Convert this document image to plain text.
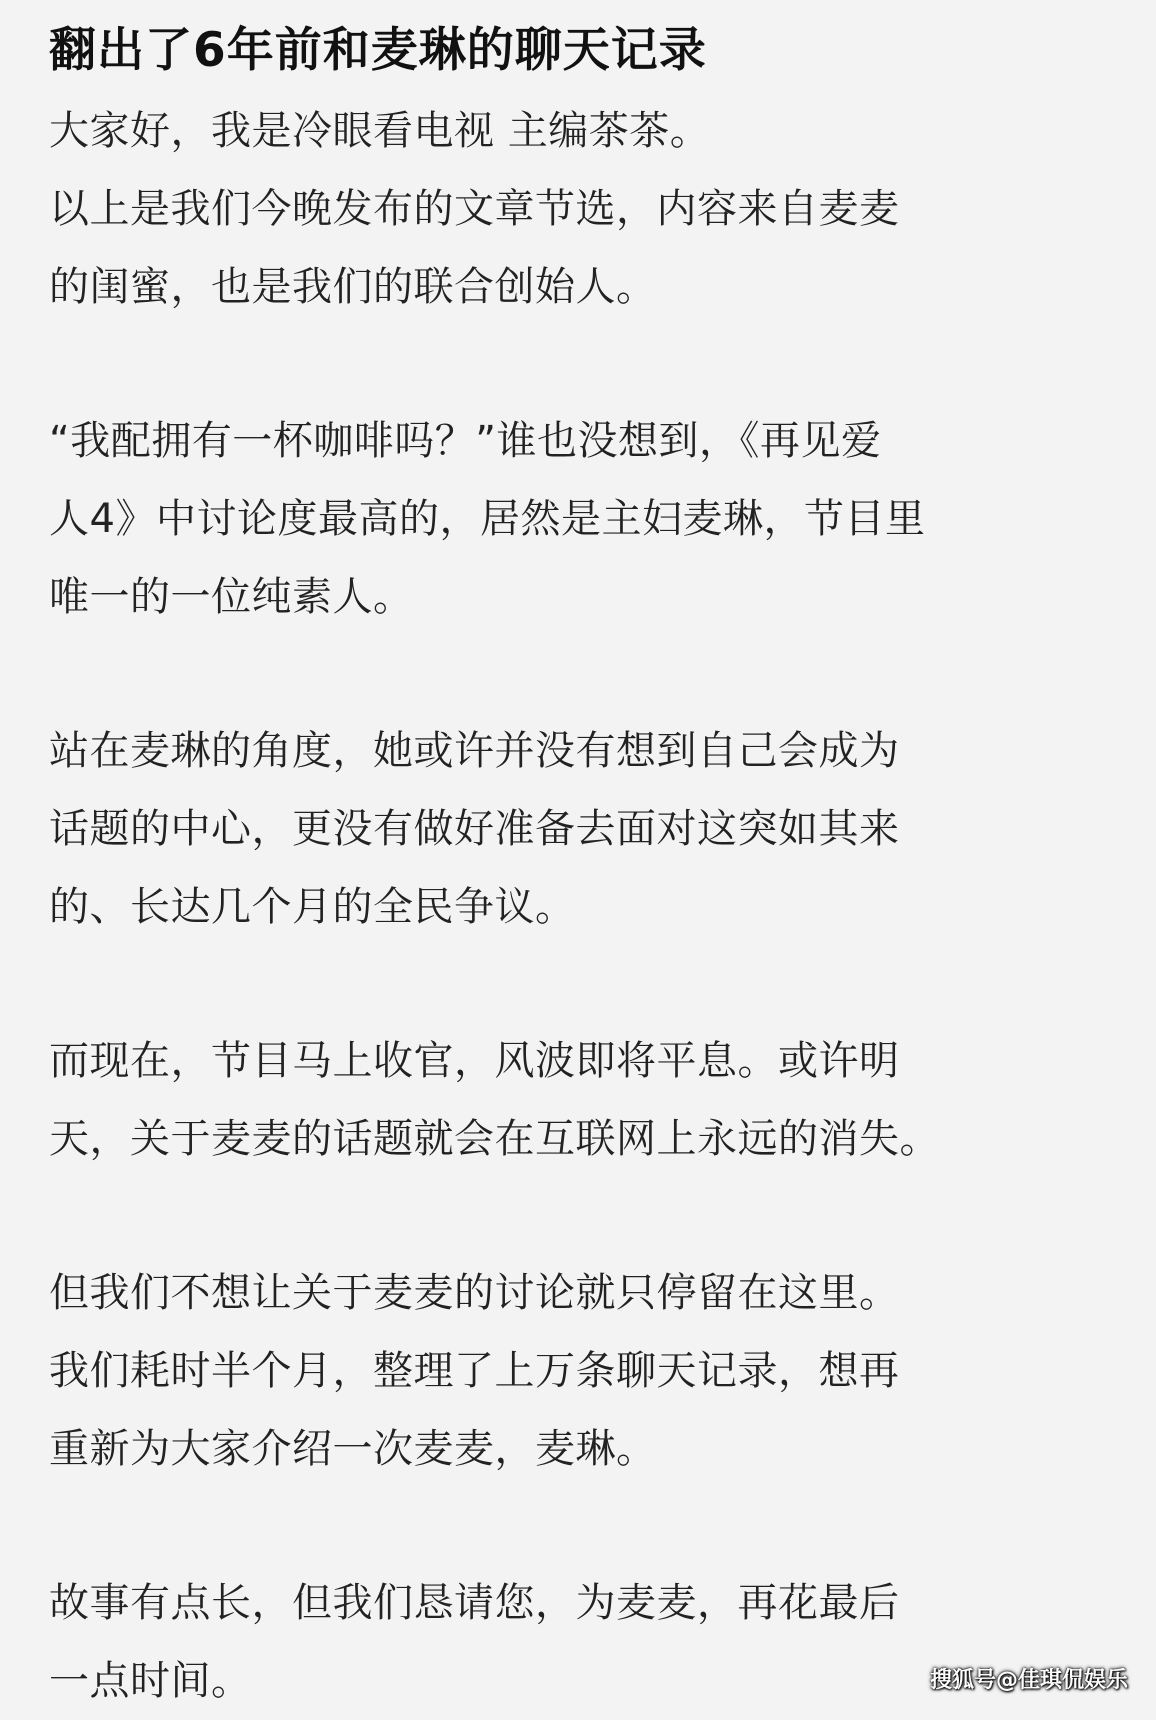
翻出了6年前和麦琳的聊天记录

大家好，我是冷眼看电视 主编茶茶。
以上是我们今晚发布的文章节选，内容来自麦麦
的闺蜜，也是我们的联合创始人。

“我配拥有一杯咖啡吗？”谁也没想到，《再见爱
人4》中讨论度最高的，居然是主妇麦琳，节目里
唯一的一位纯素人。

站在麦琳的角度，她或许并没有想到自己会成为
话题的中心，更没有做好准备去面对这突如其来
的、长达几个月的全民争议。

而现在，节目马上收官，风波即将平息。或许明
天，关于麦麦的话题就会在互联网上永远的消失。

但我们不想让关于麦麦的讨论就只停留在这里。
我们耗时半个月，整理了上万条聊天记录，想再
重新为大家介绍一次麦麦，麦琳。

故事有点长，但我们恳请您，为麦麦，再花最后
一点时间。	搜狐号@佳琪侃娱乐
